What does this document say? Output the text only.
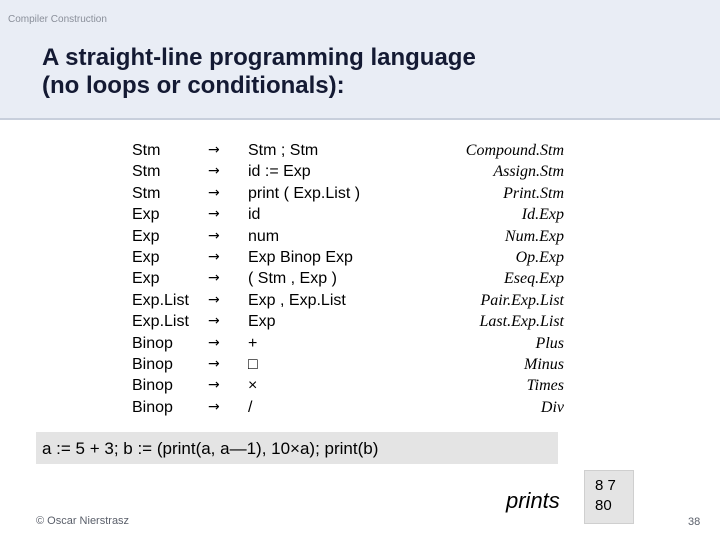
Compiler Construction
A straight-line programming language
(no loops or conditionals):
Stm
Stm
Stm
Exp
Exp
Exp
Exp
Exp.List
Exp.List
Binop
Binop
Binop
Binop
→
→
→
→
→
→
→
→
→
→
→
→
→
Stm ; Stm
id := Exp
print ( Exp.List )
id
num
Exp Binop Exp
( Stm , Exp )
Exp , Exp.List
Exp
+
□
×
/
Compound.Stm
Assign.Stm
Print.Stm
Id.Exp
Num.Exp
Op.Exp
Eseq.Exp
Pair.Exp.List
Last.Exp.List
Plus
Minus
Times
Div
a := 5 + 3; b := (print(a, a—1), 10×a); print(b)
prints
8 7
80
© Oscar Nierstrasz	38
